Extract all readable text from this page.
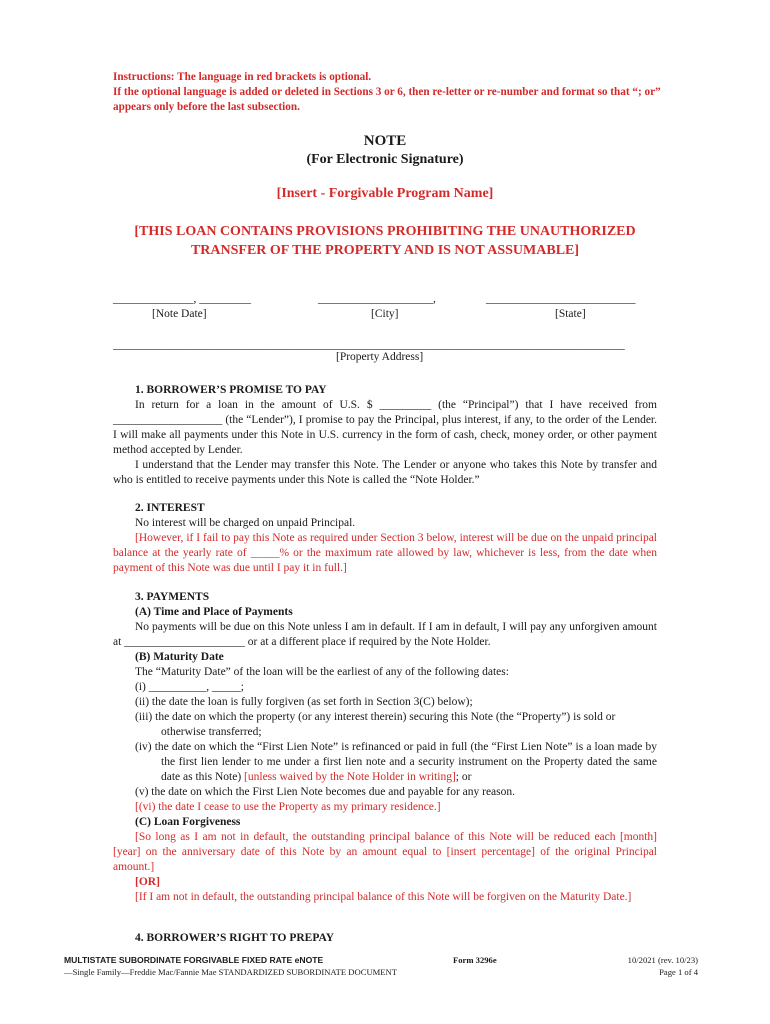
Instructions: The language in red brackets is optional.
If the optional language is added or deleted in Sections 3 or 6, then re-letter or re-number and format so that “; or” appears only before the last subsection.
NOTE
(For Electronic Signature)
[Insert - Forgivable Program Name]
[THIS LOAN CONTAINS PROVISIONS PROHIBITING THE UNAUTHORIZED
TRANSFER OF THE PROPERTY AND IS NOT ASSUMABLE]
______________, _________
[Note Date]
____________________,
[City]
__________________________
[State]
_________________________________________________________________________________________
[Property Address]

1. BORROWER’S PROMISE TO PAY

In return for a loan in the amount of U.S. $ _________ (the “Principal”) that I have received from ___________________ (the “Lender”), I promise to pay the Principal, plus interest, if any, to the order of the Lender. I will make all payments under this Note in U.S. currency in the form of cash, check, money order, or other payment method accepted by Lender.

I understand that the Lender may transfer this Note. The Lender or anyone who takes this Note by transfer and who is entitled to receive payments under this Note is called the “Note Holder.”

2. INTEREST

No interest will be charged on unpaid Principal.

[However, if I fail to pay this Note as required under Section 3 below, interest will be due on the unpaid principal balance at the yearly rate of _____% or the maximum rate allowed by law, whichever is less, from the date when payment of this Note was due until I pay it in full.]

3. PAYMENTS

(A) Time and Place of Payments

No payments will be due on this Note unless I am in default. If I am in default, I will pay any unforgiven amount at _____________________ or at a different place if required by the Note Holder.

(B) Maturity Date

The “Maturity Date” of the loan will be the earliest of any of the following dates:

(i) __________, _____;

(ii) the date the loan is fully forgiven (as set forth in Section 3(C) below);

(iii) the date on which the property (or any interest therein) securing this Note (the “Property”) is sold or otherwise transferred;

(iv) the date on which the “First Lien Note” is refinanced or paid in full (the “First Lien Note” is a loan made by the first lien lender to me under a first lien note and a security instrument on the Property dated the same date as this Note) [unless waived by the Note Holder in writing]; or

(v) the date on which the First Lien Note becomes due and payable for any reason.

[(vi) the date I cease to use the Property as my primary residence.]

(C) Loan Forgiveness

[So long as I am not in default, the outstanding principal balance of this Note will be reduced each [month] [year] on the anniversary date of this Note by an amount equal to [insert percentage] of the original Principal amount.]

[OR]

[If I am not in default, the outstanding principal balance of this Note will be forgiven on the Maturity Date.]

4. BORROWER’S RIGHT TO PREPAY

MULTISTATE SUBORDINATE FORGIVABLE FIXED RATE eNOTE
—Single Family—Freddie Mac/Fannie Mae STANDARDIZED SUBORDINATE DOCUMENT
Form 3296e	10/2021 (rev. 10/23)
Page 1 of 4
